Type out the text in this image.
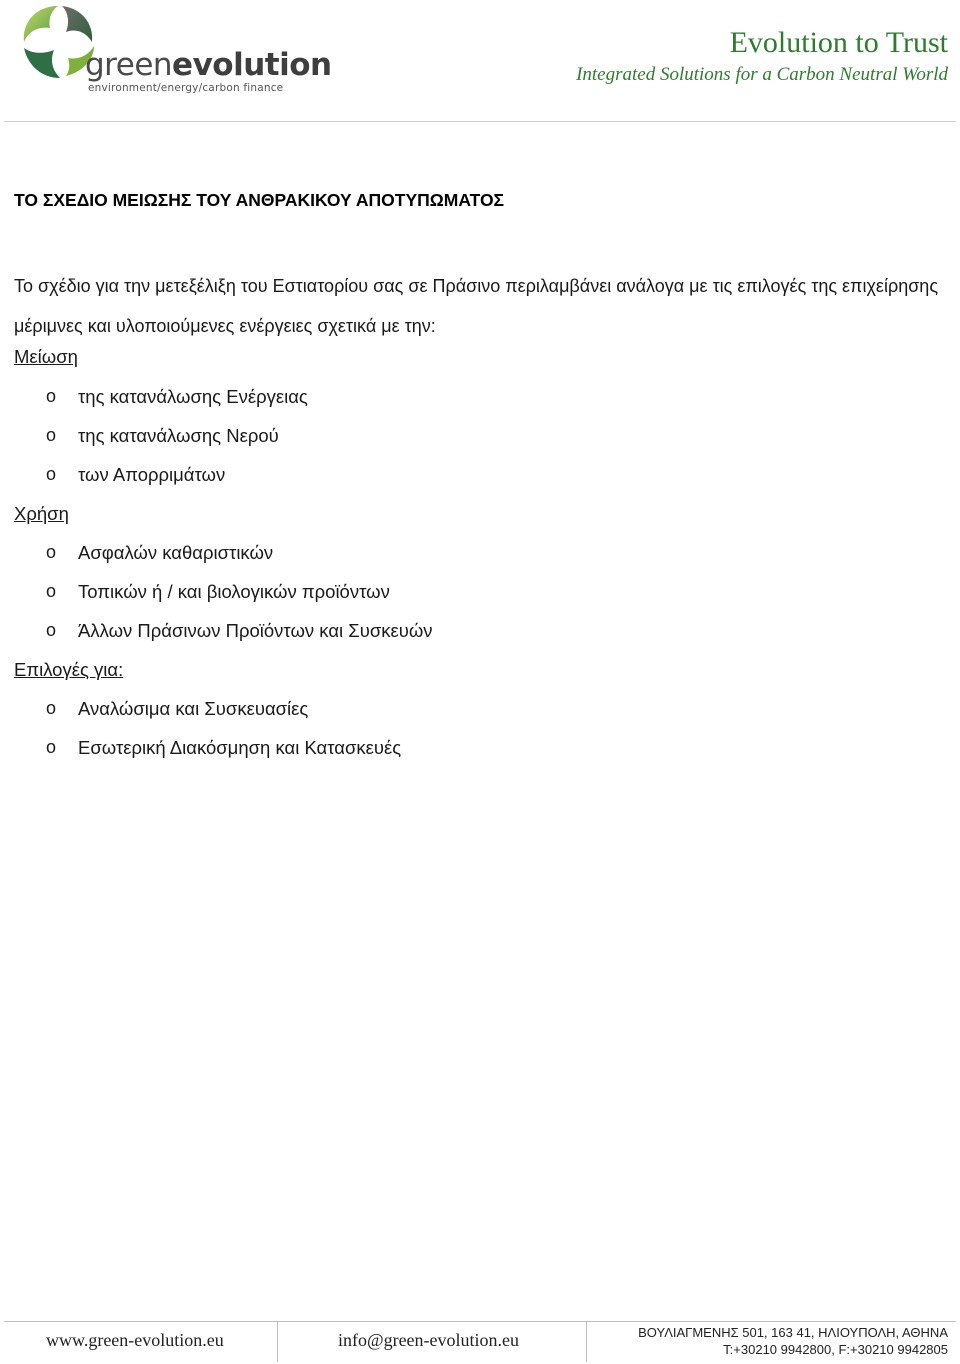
greenevolution
environment/energy/carbon finance
Evolution to Trust
Integrated Solutions for a Carbon Neutral World
ΤΟ ΣΧΕΔΙΟ ΜΕΙΩΣΗΣ ΤΟΥ ΑΝΘΡΑΚΙΚΟΥ ΑΠΟΤΥΠΩΜΑΤΟΣ

Το σχέδιο για την μετεξέλιξη του Εστιατορίου σας σε Πράσινο περιλαμβάνει ανάλογα με τις επιλογές της επιχείρησης μέριμνες και υλοποιούμενες ενέργειες σχετικά με την:

Μείωση
o της κατανάλωσης Ενέργειας
o της κατανάλωσης Νερού
o των Απορριμάτων
Χρήση
o Ασφαλών καθαριστικών
o Τοπικών ή / και βιολογικών προϊόντων
o Άλλων Πράσινων Προϊόντων και Συσκευών
Επιλογές για:
o Αναλώσιμα και Συσκευασίες
o Εσωτερική Διακόσμηση και Κατασκευές
www.green-evolution.eu	info@green-evolution.eu	ΒΟΥΛΙΑΓΜΕΝΗΣ 501, 163 41, ΗΛΙΟΥΠΟΛΗ, ΑΘΗΝΑ
T:+30210 9942800, F:+30210 9942805
